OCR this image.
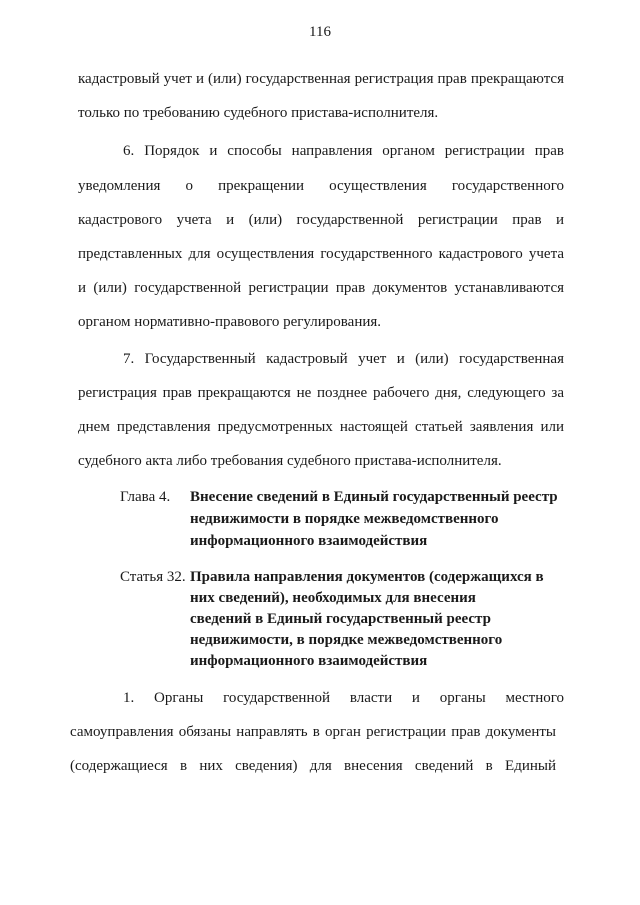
116
кадастровый учет и (или) государственная регистрация прав прекращаются
только по требованию судебного пристава-исполнителя.
6. Порядок и способы направления органом регистрации прав
уведомления о прекращении осуществления государственного
кадастрового учета и (или) государственной регистрации прав и
представленных для осуществления государственного кадастрового учета
и (или) государственной регистрации прав документов устанавливаются
органом нормативно-правового регулирования.
7. Государственный кадастровый учет и (или) государственная
регистрация прав прекращаются не позднее рабочего дня, следующего за
днем представления предусмотренных настоящей статьей заявления или
судебного акта либо требования судебного пристава-исполнителя.
Глава 4. Внесение сведений в Единый государственный реестр
недвижимости в порядке межведомственного
информационного взаимодействия
Статья 32. Правила направления документов (содержащихся в
них сведений), необходимых для внесения
сведений в Единый государственный реестр
недвижимости, в порядке межведомственного
информационного взаимодействия
1. Органы государственной власти и органы местного
самоуправления обязаны направлять в орган регистрации прав документы
(содержащиеся в них сведения) для внесения сведений в Единый
